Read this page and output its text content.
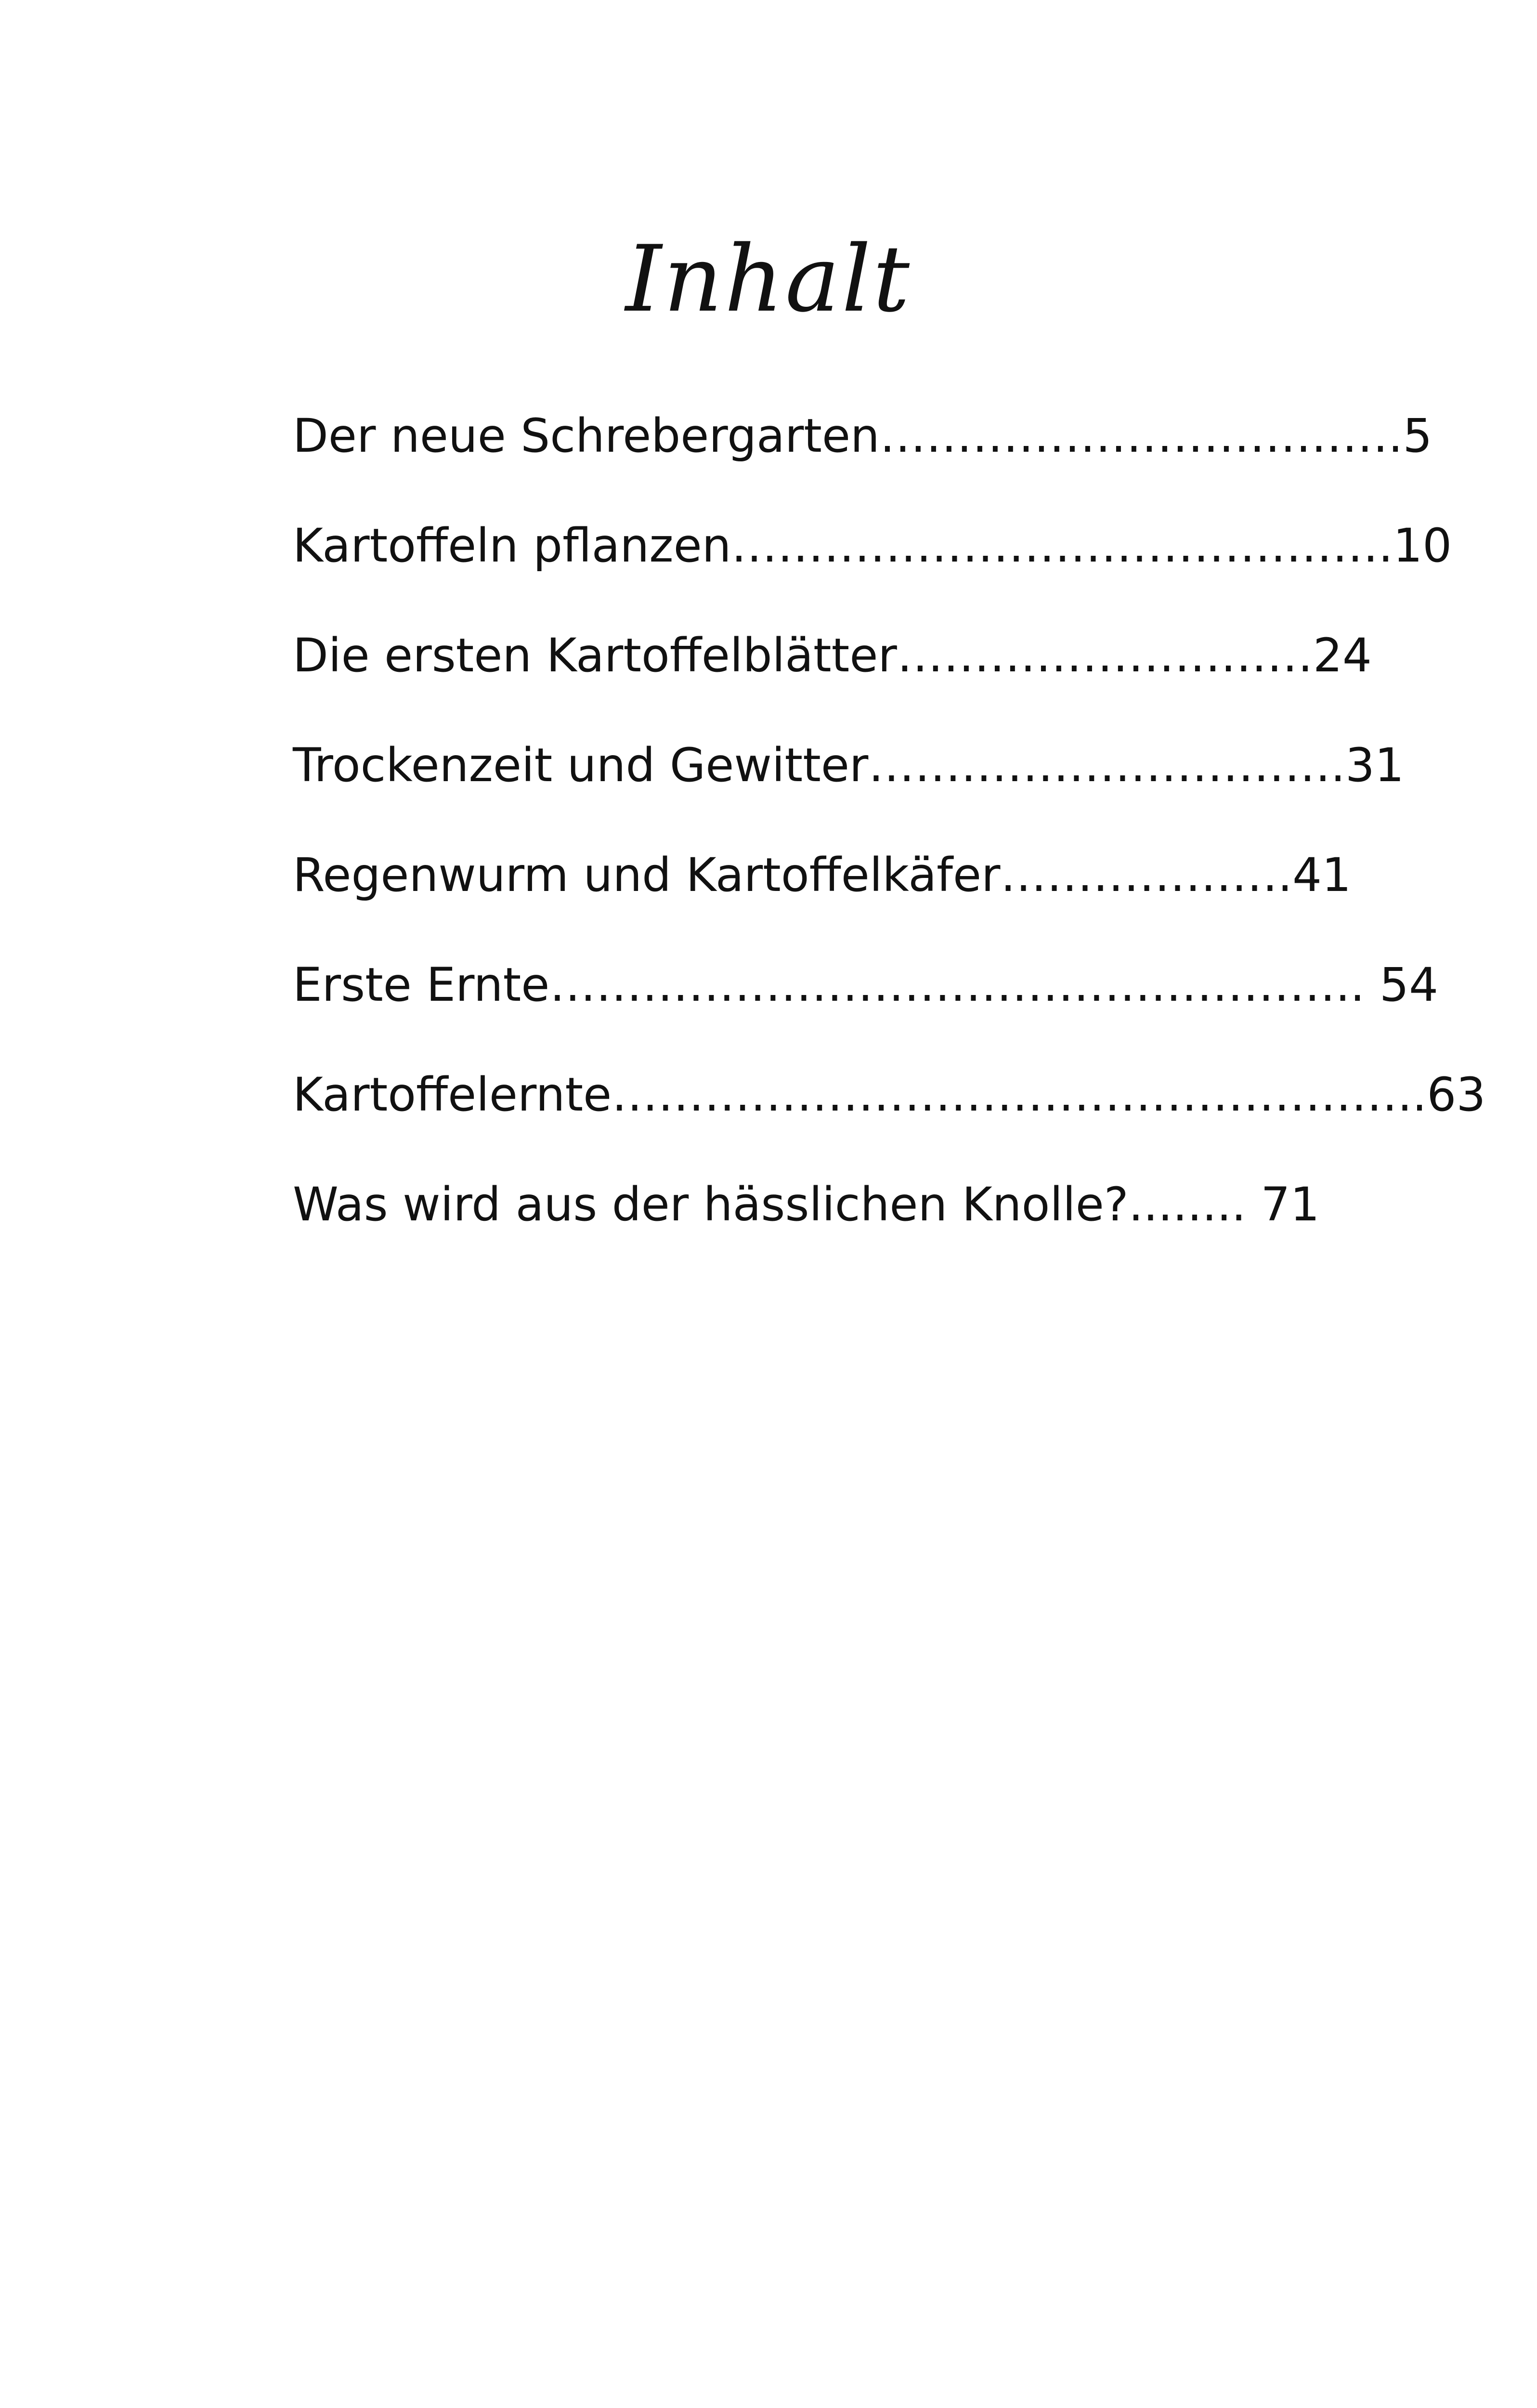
Inhalt
Der neue Schrebergarten…………………………….5
Kartoffeln pflanzen…………………………………….10
Die ersten Kartoffelblätter………………………24
Trockenzeit und Gewitter………………………….31
Regenwurm und Kartoffelkäfer……………….41
Erste Ernte…………………………………………….. 54
Kartoffelernte……………………………………………..63
Was wird aus der hässlichen Knolle?........ 71
